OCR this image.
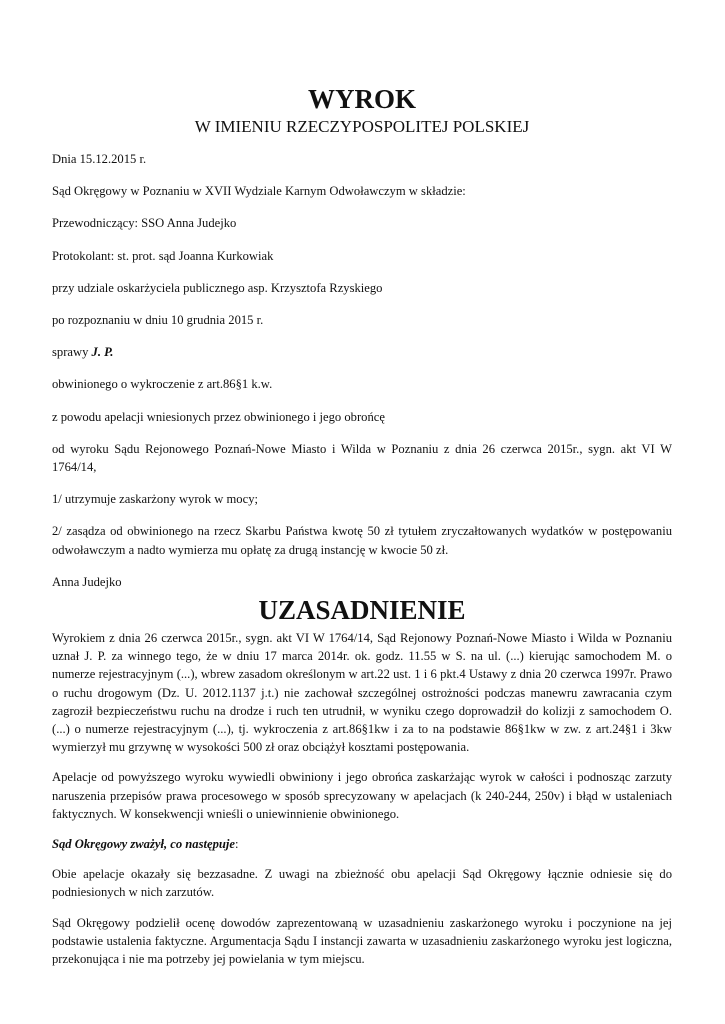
WYROK
W IMIENIU RZECZYPOSPOLITEJ POLSKIEJ

Dnia 15.12.2015 r.

Sąd Okręgowy w Poznaniu w XVII Wydziale Karnym Odwoławczym w składzie:

Przewodniczący: SSO Anna Judejko

Protokolant: st. prot. sąd Joanna Kurkowiak

przy udziale oskarżyciela publicznego asp. Krzysztofa Rzyskiego

po rozpoznaniu w dniu 10 grudnia 2015 r.

sprawy J. P.

obwinionego o wykroczenie z art.86§1 k.w.

z powodu apelacji wniesionych przez obwinionego i jego obrońcę

od wyroku Sądu Rejonowego Poznań-Nowe Miasto i Wilda w Poznaniu z dnia 26 czerwca 2015r., sygn. akt VI W 1764/14,

1/ utrzymuje zaskarżony wyrok w mocy;

2/ zasądza od obwinionego na rzecz Skarbu Państwa kwotę 50 zł tytułem zryczałtowanych wydatków w postępowaniu odwoławczym a nadto wymierza mu opłatę za drugą instancję w kwocie 50 zł.

Anna Judejko

UZASADNIENIE

Wyrokiem z dnia 26 czerwca 2015r., sygn. akt VI W 1764/14, Sąd Rejonowy Poznań-Nowe Miasto i Wilda w Poznaniu uznał J. P. za winnego tego, że w dniu 17 marca 2014r. ok. godz. 11.55 w S. na ul. (...) kierując samochodem M. o numerze rejestracyjnym (...), wbrew zasadom określonym w art.22 ust. 1 i 6 pkt.4 Ustawy z dnia 20 czerwca 1997r. Prawo o ruchu drogowym (Dz. U. 2012.1137 j.t.) nie zachował szczególnej ostrożności podczas manewru zawracania czym zagroził bezpieczeństwu ruchu na drodze i ruch ten utrudnił, w wyniku czego doprowadził do kolizji z samochodem O. (...) o numerze rejestracyjnym (...), tj. wykroczenia z art.86§1kw i za to na podstawie 86§1kw w zw. z art.24§1 i 3kw wymierzył mu grzywnę w wysokości 500 zł oraz obciążył kosztami postępowania.

Apelacje od powyższego wyroku wywiedli obwiniony i jego obrońca zaskarżając wyrok w całości i podnosząc zarzuty naruszenia przepisów prawa procesowego w sposób sprecyzowany w apelacjach (k 240-244, 250v) i błąd w ustaleniach faktycznych. W konsekwencji wnieśli o uniewinnienie obwinionego.

Sąd Okręgowy zważył, co następuje:

Obie apelacje okazały się bezzasadne. Z uwagi na zbieżność obu apelacji Sąd Okręgowy łącznie odniesie się do podniesionych w nich zarzutów.

Sąd Okręgowy podzielił ocenę dowodów zaprezentowaną w uzasadnieniu zaskarżonego wyroku i poczynione na jej podstawie ustalenia faktyczne. Argumentacja Sądu I instancji zawarta w uzasadnieniu zaskarżonego wyroku jest logiczna, przekonująca i nie ma potrzeby jej powielania w tym miejscu.
